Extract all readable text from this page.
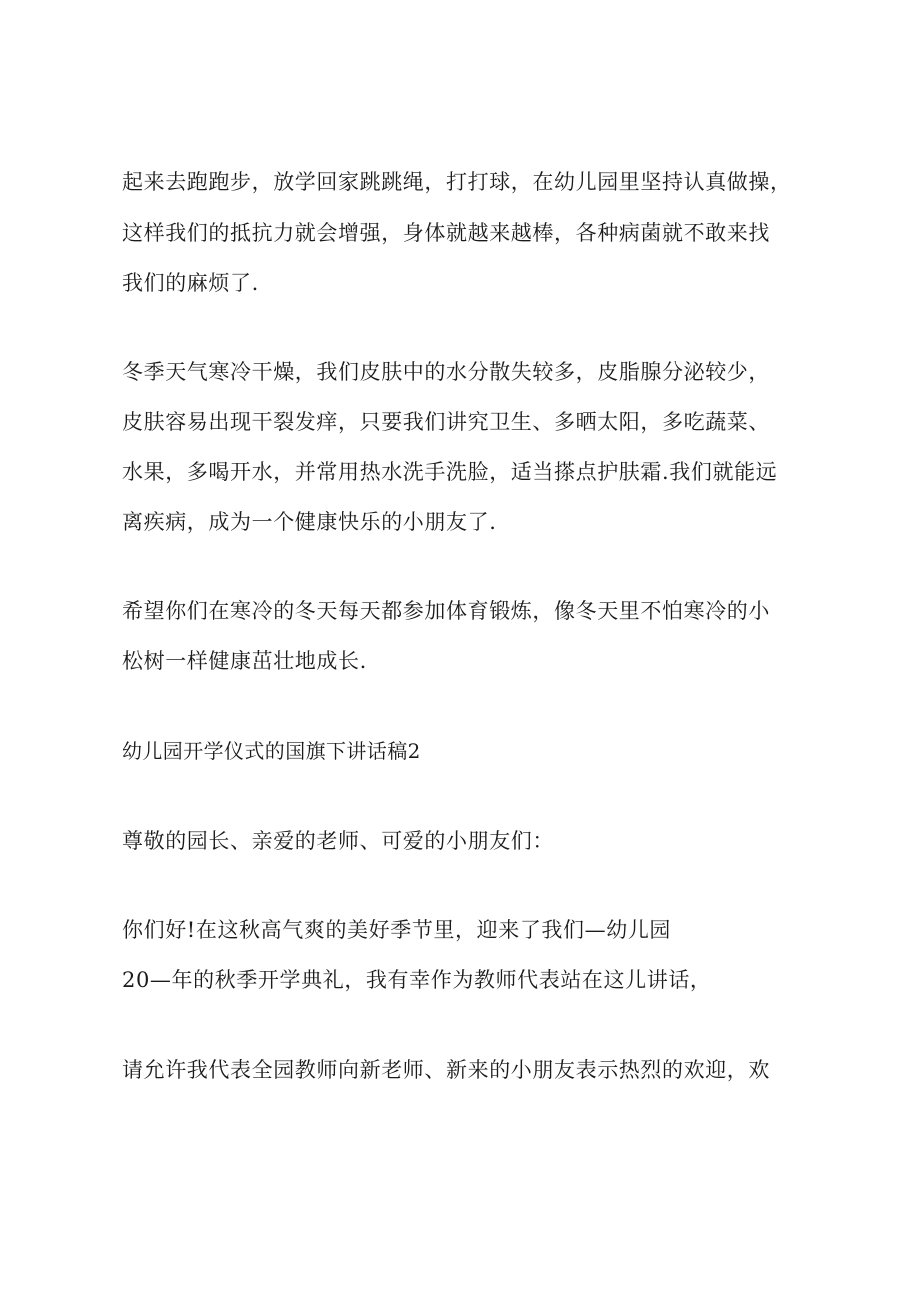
起来去跑跑步，放学回家跳跳绳，打打球，在幼儿园里坚持认真做操，
这样我们的抵抗力就会增强，身体就越来越棒，各种病菌就不敢来找
我们的麻烦了.
冬季天气寒冷干燥，我们皮肤中的水分散失较多，皮脂腺分泌较少，
皮肤容易出现干裂发痒，只要我们讲究卫生、多晒太阳，多吃蔬菜、
水果，多喝开水，并常用热水洗手洗脸，适当搽点护肤霜.我们就能远
离疾病，成为一个健康快乐的小朋友了.
希望你们在寒冷的冬天每天都参加体育锻炼，像冬天里不怕寒冷的小
松树一样健康茁壮地成长.
幼儿园开学仪式的国旗下讲话稿2
尊敬的园长、亲爱的老师、可爱的小朋友们：
你们好!在这秋高气爽的美好季节里，迎来了我们—幼儿园
20—年的秋季开学典礼，我有幸作为教师代表站在这儿讲话，
请允许我代表全园教师向新老师、新来的小朋友表示热烈的欢迎，欢
